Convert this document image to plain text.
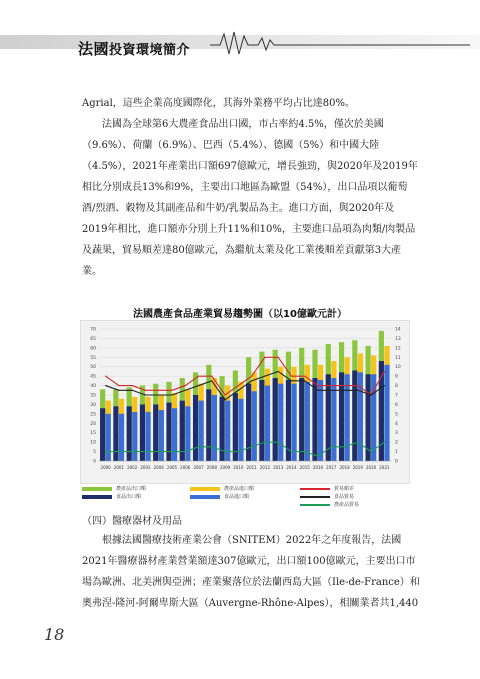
法國投資環境簡介
Agrial，這些企業高度國際化，其海外業務平均占比達80%。
　　法國為全球第6大農產食品出口國，市占率約4.5%，僅次於美國
（9.6%）、荷蘭（6.9%）、巴西（5.4%）、德國（5%）和中國大陸
（4.5%），2021年產業出口額697億歐元，增長強勁，與2020年及2019年
相比分別成長13%和9%，主要出口地區為歐盟（54%），出口品項以葡萄
酒/烈酒、穀物及其副產品和牛奶/乳製品為主。進口方面，與2020年及
2019年相比，進口額亦分別上升11%和10%，主要進口品項為肉類/肉製品
及蔬果，貿易順差達80億歐元，為繼航太業及化工業後順差貢獻第3大產
業。
法國農產食品產業貿易趨勢圖（以10億歐元計）
0
5
10
15
20
25
30
35
40
45
50
55
60
65
70
0
1
2
3
4
5
6
7
8
9
10
11
12
13
14
2000 2001 2002 2003 2004 2005 2006 2007 2008 2009 2010 2011 2012 2013 2014 2015 2016 2017 2018 2019 2020 2021
農產品出口額
食品出口額
農產品進口額
食品進口額
貿易順差
食品貿易
農產品貿易
（四）醫療器材及用品
　　根據法國醫療技術產業公會（SNITEM）2022年之年度報告，法國
2021年醫療器材產業營業額達307億歐元，出口額100億歐元，主要出口市
場為歐洲、北美洲與亞洲；產業聚落位於法蘭西島大區（Ile-de-France）和
奧弗涅-隆河-阿爾卑斯大區（Auvergne-Rhône-Alpes），相關業者共1,440
18
